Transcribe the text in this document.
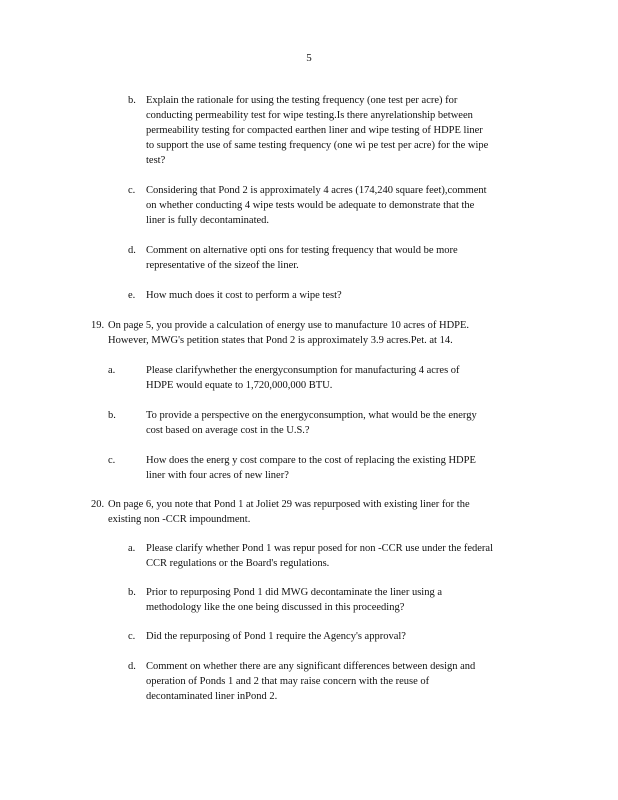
5
b. Explain the rationale for using the testing frequency (one test per acre) for
conducting permeability test for wipe testing.Is there anyrelationship between
permeability testing for compacted earthen liner and wipe testing of HDPE liner
to support the use of same testing frequency (one wi pe test per acre) for the wipe
test?
c. Considering that Pond 2 is approximately 4 acres (174,240 square feet),comment
on whether conducting 4 wipe tests would be adequate to demonstrate that the
liner is fully decontaminated.
d. Comment on alternative opti ons for testing frequency that would be more
representative of the sizeof the liner.
e. How much does it cost to perform a wipe test?
19. On page 5, you provide a calculation of energy use to manufacture 10 acres of HDPE.
However, MWG's petition states that Pond 2 is approximately 3.9 acres.Pet. at 14.
a.	Please clarifywhether the energyconsumption for manufacturing 4 acres of
HDPE would equate to 1,720,000,000 BTU.
b.	To provide a perspective on the energyconsumption, what would be the energy
cost based on average cost in the U.S.?
c.	How does the energ y cost compare to the cost of replacing the existing HDPE
liner with four acres of new liner?
20. On page 6, you note that Pond 1 at Joliet 29 was repurposed with existing liner for the
existing non -CCR impoundment.
a. Please clarify whether Pond 1 was repur posed for non -CCR use under the federal
CCR regulations or the Board's regulations.
b. Prior to repurposing Pond 1 did MWG decontaminate the liner using a
methodology like the one being discussed in this proceeding?
c. Did the repurposing of Pond 1 require the Agency's approval?
d. Comment on whether there are any significant differences between design and
operation of Ponds 1 and 2 that may raise concern with the reuse of
decontaminated liner inPond 2.
